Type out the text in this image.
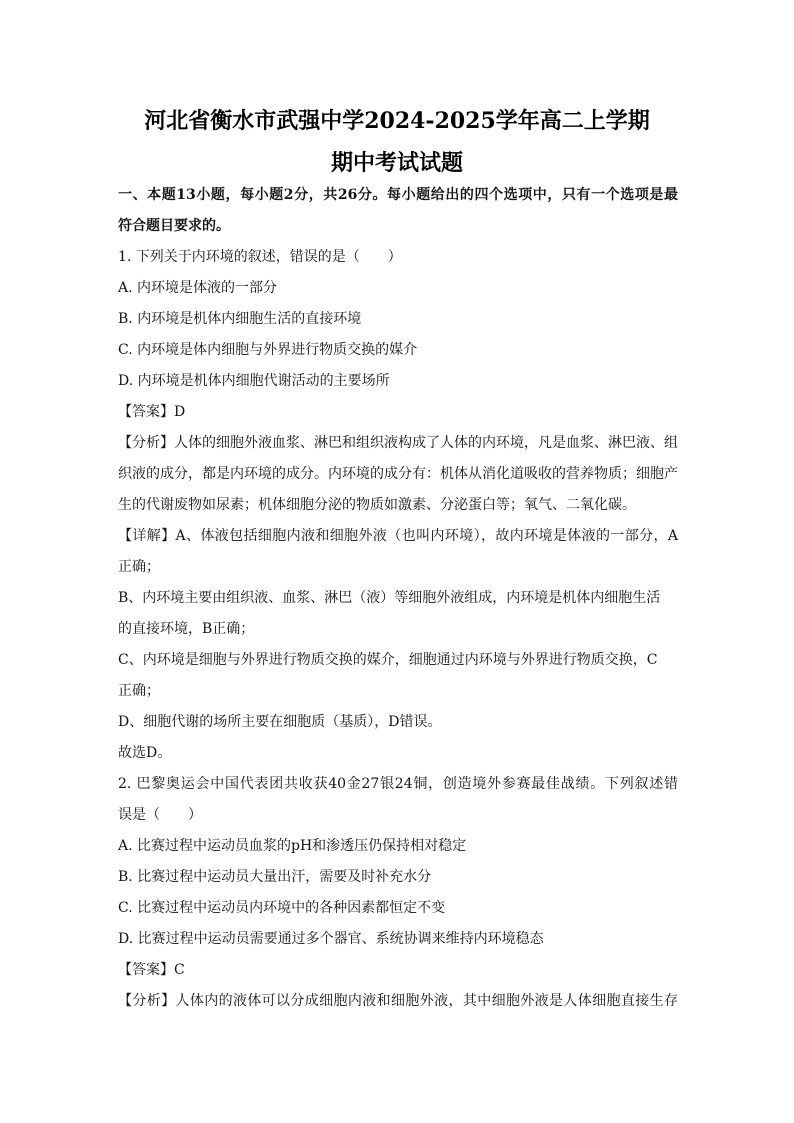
河北省衡水市武强中学2024-2025学年高二上学期
期中考试试题
一、本题13小题，每小题2分，共26分。每小题给出的四个选项中，只有一个选项是最
符合题目要求的。
1. 下列关于内环境的叙述，错误的是（　　）
A. 内环境是体液的一部分
B. 内环境是机体内细胞生活的直接环境
C. 内环境是体内细胞与外界进行物质交换的媒介
D. 内环境是机体内细胞代谢活动的主要场所
【答案】D
【分析】人体的细胞外液血浆、淋巴和组织液构成了人体的内环境，凡是血浆、淋巴液、组
织液的成分，都是内环境的成分。内环境的成分有：机体从消化道吸收的营养物质；细胞产
生的代谢废物如尿素；机体细胞分泌的物质如激素、分泌蛋白等；氧气、二氧化碳。
【详解】A、体液包括细胞内液和细胞外液（也叫内环境），故内环境是体液的一部分，A
正确；
B、内环境主要由组织液、血浆、淋巴（液）等细胞外液组成，内环境是机体内细胞生活
的直接环境，B正确；
C、内环境是细胞与外界进行物质交换的媒介，细胞通过内环境与外界进行物质交换，C
正确；
D、细胞代谢的场所主要在细胞质（基质），D错误。
故选D。
2. 巴黎奥运会中国代表团共收获40金27银24铜，创造境外参赛最佳战绩。下列叙述错
误是（　　）
A. 比赛过程中运动员血浆的pH和渗透压仍保持相对稳定
B. 比赛过程中运动员大量出汗，需要及时补充水分
C. 比赛过程中运动员内环境中的各种因素都恒定不变
D. 比赛过程中运动员需要通过多个器官、系统协调来维持内环境稳态
【答案】C
【分析】人体内的液体可以分成细胞内液和细胞外液，其中细胞外液是人体细胞直接生存
